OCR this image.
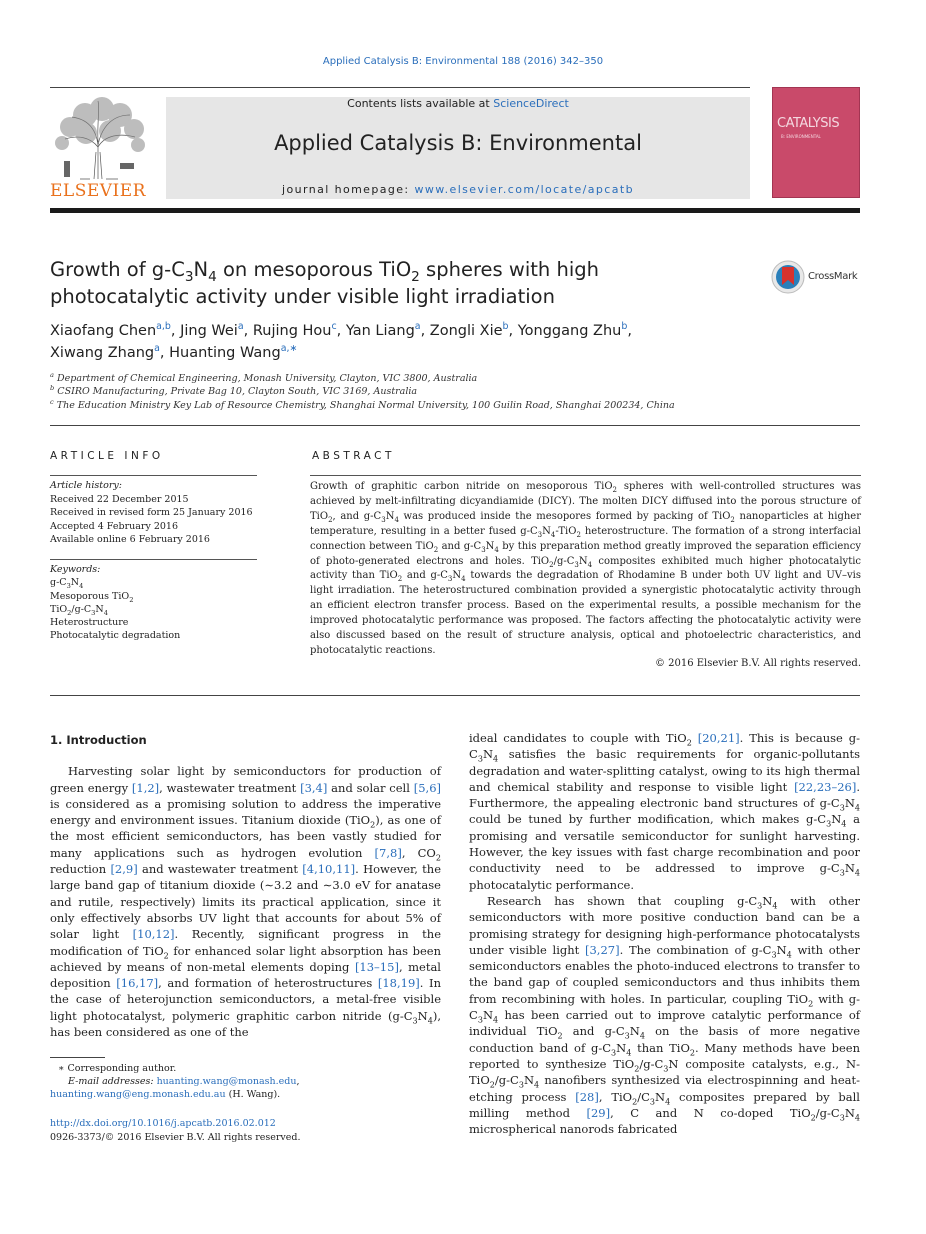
Applied Catalysis B: Environmental 188 (2016) 342–350
ELSEVIER
Contents lists available at ScienceDirect
Applied Catalysis B: Environmental
journal homepage: www.elsevier.com/locate/apcatb
CATALYSIS
B: ENVIRONMENTAL
Growth of $g-C_3N_4$ on mesoporous TiO$_2$ spheres with high
photocatalytic activity under visible light irradiation
CrossMark
Xiaofang Chen$^{a,b}$, Jing Wei$^a$, Rujing Hou$^c$, Yan Liang$^a$, Zongli Xie$^b$, Yonggang Zhu$^b$,
Xiwang Zhang$^a$, Huanting Wang$^{a,∗}$
$^a$ Department of Chemical Engineering, Monash University, Clayton, VIC 3800, Australia
$^b$ CSIRO Manufacturing, Private Bag 10, Clayton South, VIC 3169, Australia
$^c$ The Education Ministry Key Lab of Resource Chemistry, Shanghai Normal University, 100 Guilin Road, Shanghai 200234, China
ARTICLE INFO
Article history:
Received 22 December 2015
Received in revised form 25 January 2016
Accepted 4 February 2016
Available online 6 February 2016
Keywords:
$g-C_3N_4$
Mesoporous TiO$_2$
$TiO_2/g-C_3N_4$
Heterostructure
Photocatalytic degradation
ABSTRACT
Growth of graphitic carbon nitride on mesoporous TiO$_2$ spheres with well-controlled structures was achieved by melt-infiltrating dicyandiamide (DICY). The molten DICY diffused into the porous structure of TiO$_2$, and $g-C_3N_4$ was produced inside the mesopores formed by packing of TiO$_2$ nanoparticles at higher temperature, resulting in a better fused $g-C_3N_4-TiO_2$ heterostructure. The formation of a strong interfacial connection between TiO$_2$ and $g-C_3N_4$ by this preparation method greatly improved the separation efficiency of photo-generated electrons and holes. $TiO_2/g-C_3N_4$ composites exhibited much higher photocatalytic activity than TiO$_2$ and $g-C_3N_4$ towards the degradation of Rhodamine B under both UV light and UV–vis light irradiation. The heterostructured combination provided a synergistic photocatalytic activity through an efficient electron transfer process. Based on the experimental results, a possible mechanism for the improved photocatalytic performance was proposed. The factors affecting the photocatalytic activity were also discussed based on the result of structure analysis, optical and photoelectric characteristics, and photocatalytic reactions.
© 2016 Elsevier B.V. All rights reserved.
1. Introduction

Harvesting solar light by semiconductors for production of green energy [1,2], wastewater treatment [3,4] and solar cell [5,6] is considered as a promising solution to address the imperative energy and environment issues. Titanium dioxide (TiO$_2$), as one of the most efficient semiconductors, has been vastly studied for many applications such as hydrogen evolution [7,8], $CO_2$ reduction [2,9] and wastewater treatment [4,10,11]. However, the large band gap of titanium dioxide (∼3.2 and ∼3.0 eV for anatase and rutile, respectively) limits its practical application, since it only effectively absorbs UV light that accounts for about 5% of solar light [10,12]. Recently, significant progress in the modification of TiO$_2$ for enhanced solar light absorption has been achieved by means of non-metal elements doping [13–15], metal deposition [16,17], and formation of heterostructures [18,19]. In the case of heterojunction semiconductors, a metal-free visible light photocatalyst, polymeric graphitic carbon nitride $(g-C_3N_4)$, has been considered as one of the

ideal candidates to couple with TiO$_2$ [20,21]. This is because $g-C_3N_4$ satisfies the basic requirements for organic-pollutants degradation and water-splitting catalyst, owing to its high thermal and chemical stability and response to visible light [22,23–26]. Furthermore, the appealing electronic band structures of $g-C_3N_4$ could be tuned by further modification, which makes $g-C_3N_4$ a promising and versatile semiconductor for sunlight harvesting. However, the key issues with fast charge recombination and poor conductivity need to be addressed to improve $g-C_3N_4$ photocatalytic performance.

Research has shown that coupling $g-C_3N_4$ with other semiconductors with more positive conduction band can be a promising strategy for designing high-performance photocatalysts under visible light [3,27]. The combination of $g-C_3N_4$ with other semiconductors enables the photo-induced electrons to transfer to the band gap of coupled semiconductors and thus inhibits them from recombining with holes. In particular, coupling TiO$_2$ with $g-C_3N_4$ has been carried out to improve catalytic performance of individual TiO$_2$ and $g-C_3N_4$ on the basis of more negative conduction band of $g-C_3N_4$ than TiO$_2$. Many methods have been reported to synthesize $TiO_2/g-C_3N$ composite catalysts, e.g., $N-TiO_2/g-C_3N_4$ nanofibers synthesized via electrospinning and heat-etching process [28], $TiO_2/C_3N_4$ composites prepared by ball milling method [29], C and N co-doped $TiO_2/g-C_3N_4$ microspherical nanorods fabricated

∗ Corresponding author.
E-mail addresses: huanting.wang@monash.edu,
huanting.wang@eng.monash.edu.au (H. Wang).
http://dx.doi.org/10.1016/j.apcatb.2016.02.012
0926-3373/© 2016 Elsevier B.V. All rights reserved.
